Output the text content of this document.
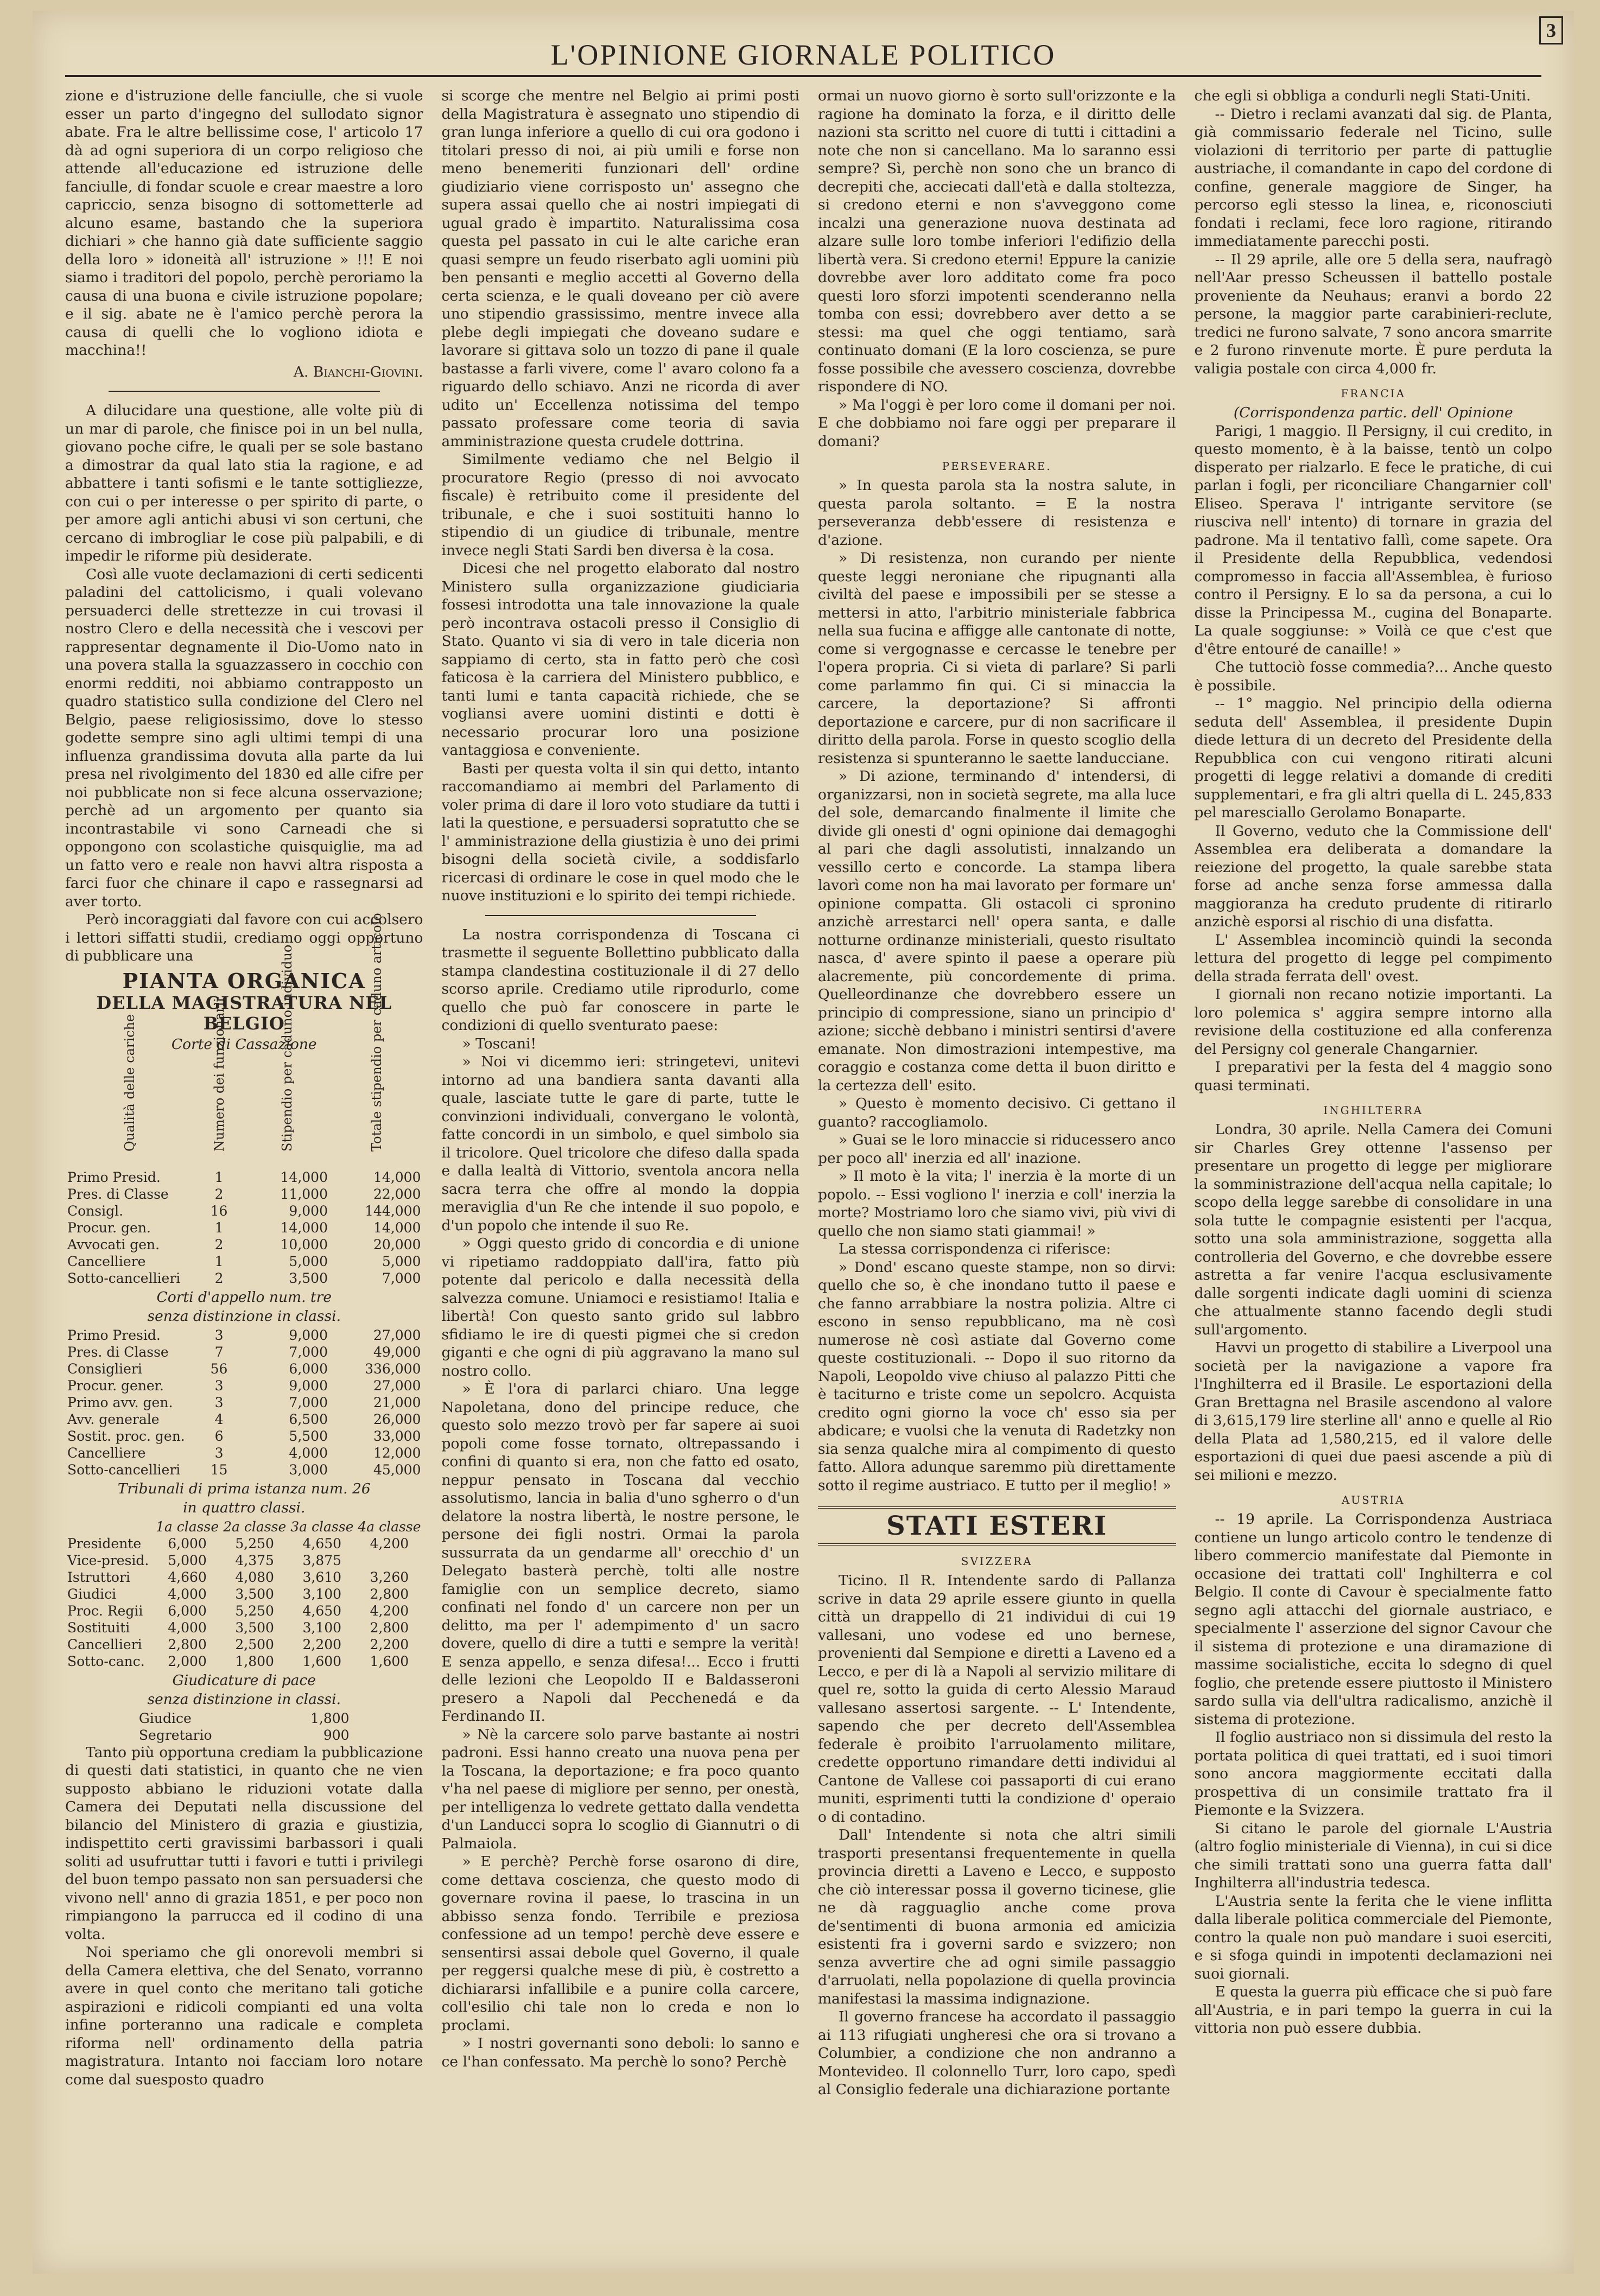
3
L'OPINIONE GIORNALE POLITICO

zione e d'istruzione delle fanciulle, che si vuole esser un parto d'ingegno del sullodato signor abate. Fra le altre bellissime cose, l' articolo 17 dà ad ogni superiora di un corpo religioso che attende all'educazione ed istruzione delle fanciulle, di fondar scuole e crear maestre a loro capriccio, senza bisogno di sottometterle ad alcuno esame, bastando che la superiora dichiari » che hanno già date sufficiente saggio della loro » idoneità all' istruzione » !!! E noi siamo i traditori del popolo, perchè peroriamo la causa di una buona e civile istruzione popolare; e il sig. abate ne è l'amico perchè perora la causa di quelli che lo vogliono idiota e macchina!!

A. Bianchi-Giovini.

A dilucidare una questione, alle volte più di un mar di parole, che finisce poi in un bel nulla, giovano poche cifre, le quali per se sole bastano a dimostrar da qual lato stia la ragione, e ad abbattere i tanti sofismi e le tante sottigliezze, con cui o per interesse o per spirito di parte, o per amore agli antichi abusi vi son certuni, che cercano di imbrogliar le cose più palpabili, e di impedir le riforme più desiderate.

Così alle vuote declamazioni di certi sedicenti paladini del cattolicismo, i quali volevano persuaderci delle strettezze in cui trovasi il nostro Clero e della necessità che i vescovi per rappresentar degnamente il Dio-Uomo nato in una povera stalla la sguazzassero in cocchio con enormi redditi, noi abbiamo contrapposto un quadro statistico sulla condizione del Clero nel Belgio, paese religiosissimo, dove lo stesso godette sempre sino agli ultimi tempi di una influenza grandissima dovuta alla parte da lui presa nel rivolgimento del 1830 ed alle cifre per noi pubblicate non si fece alcuna osservazione; perchè ad un argomento per quanto sia incontrastabile vi sono Carneadi che si oppongono con scolastiche quisquiglie, ma ad un fatto vero e reale non havvi altra risposta a farci fuor che chinare il capo e rassegnarsi ad aver torto.

Però incoraggiati dal favore con cui accolsero i lettori siffatti studii, crediamo oggi opportuno di pubblicare una

PIANTA ORGANICA
DELLA MAGISTRATURA NEL BELGIO
Corte di Cassazione
Qualità delle cariche	Numero dei funzionarii	Stipendio per caduno individuo	Totale stipendio per caduno articolo

Primo Presid.	1	14,000	14,000
Pres. di Classe	2	11,000	22,000
Consigl.	16	9,000	144,000
Procur. gen.	1	14,000	14,000
Avvocati gen.	2	10,000	20,000
Cancelliere	1	5,000	5,000
Sotto-cancellieri	2	3,500	7,000
Corti d'appello num. tre
senza distinzione in classi.
Primo Presid.	3	9,000	27,000
Pres. di Classe	7	7,000	49,000
Consiglieri	56	6,000	336,000
Procur. gener.	3	9,000	27,000
Primo avv. gen.	3	7,000	21,000
Avv. generale	4	6,500	26,000
Sostit. proc. gen.	6	5,500	33,000
Cancelliere	3	4,000	12,000
Sotto-cancellieri	15	3,000	45,000
Tribunali di prima istanza num. 26
in quattro classi.
	1a classe	2a classe	3a classe	4a classe
Presidente	6,000	5,250	4,650	4,200
Vice-presid.	5,000	4,375	3,875	
Istruttori	4,660	4,080	3,610	3,260
Giudici	4,000	3,500	3,100	2,800
Proc. Regii	6,000	5,250	4,650	4,200
Sostituiti	4,000	3,500	3,100	2,800
Cancellieri	2,800	2,500	2,200	2,200
Sotto-canc.	2,000	1,800	1,600	1,600
Giudicature di pace
senza distinzione in classi.
Giudice	1,800
Segretario	900

Tanto più opportuna crediam la pubblicazione di questi dati statistici, in quanto che ne vien supposto abbiano le riduzioni votate dalla Camera dei Deputati nella discussione del bilancio del Ministero di grazia e giustizia, indispettito certi gravissimi barbassori i quali soliti ad usufruttar tutti i favori e tutti i privilegi del buon tempo passato non san persuadersi che vivono nell' anno di grazia 1851, e per poco non rimpiangono la parrucca ed il codino di una volta.

Noi speriamo che gli onorevoli membri si della Camera elettiva, che del Senato, vorranno avere in quel conto che meritano tali gotiche aspirazioni e ridicoli compianti ed una volta infine porteranno una radicale e completa riforma nell' ordinamento della patria magistratura. Intanto noi facciam loro notare come dal suesposto quadro

si scorge che mentre nel Belgio ai primi posti della Magistratura è assegnato uno stipendio di gran lunga inferiore a quello di cui ora godono i titolari presso di noi, ai più umili e forse non meno benemeriti funzionari dell' ordine giudiziario viene corrisposto un' assegno che supera assai quello che ai nostri impiegati di ugual grado è impartito. Naturalissima cosa questa pel passato in cui le alte cariche eran quasi sempre un feudo riserbato agli uomini più ben pensanti e meglio accetti al Governo della certa scienza, e le quali doveano per ciò avere uno stipendio grassissimo, mentre invece alla plebe degli impiegati che doveano sudare e lavorare si gittava solo un tozzo di pane il quale bastasse a farli vivere, come l' avaro colono fa a riguardo dello schiavo. Anzi ne ricorda di aver udito un' Eccellenza notissima del tempo passato professare come teoria di savia amministrazione questa crudele dottrina.

Similmente vediamo che nel Belgio il procuratore Regio (presso di noi avvocato fiscale) è retribuito come il presidente del tribunale, e che i suoi sostituiti hanno lo stipendio di un giudice di tribunale, mentre invece negli Stati Sardi ben diversa è la cosa.

Dicesi che nel progetto elaborato dal nostro Ministero sulla organizzazione giudiciaria fossesi introdotta una tale innovazione la quale però incontrava ostacoli presso il Consiglio di Stato. Quanto vi sia di vero in tale diceria non sappiamo di certo, sta in fatto però che così faticosa è la carriera del Ministero pubblico, e tanti lumi e tanta capacità richiede, che se vogliansi avere uomini distinti e dotti è necessario procurar loro una posizione vantaggiosa e conveniente.

Basti per questa volta il sin qui detto, intanto raccomandiamo ai membri del Parlamento di voler prima di dare il loro voto studiare da tutti i lati la questione, e persuadersi sopratutto che se l' amministrazione della giustizia è uno dei primi bisogni della società civile, a soddisfarlo ricercasi di ordinare le cose in quel modo che le nuove instituzioni e lo spirito dei tempi richiede.

La nostra corrispondenza di Toscana ci trasmette il seguente Bollettino pubblicato dalla stampa clandestina costituzionale il di 27 dello scorso aprile. Crediamo utile riprodurlo, come quello che può far conoscere in parte le condizioni di quello sventurato paese:

» Toscani!

» Noi vi dicemmo ieri: stringetevi, unitevi intorno ad una bandiera santa davanti alla quale, lasciate tutte le gare di parte, tutte le convinzioni individuali, convergano le volontà, fatte concordi in un simbolo, e quel simbolo sia il tricolore. Quel tricolore che difeso dalla spada e dalla lealtà di Vittorio, sventola ancora nella sacra terra che offre al mondo la doppia meraviglia d'un Re che intende il suo popolo, e d'un popolo che intende il suo Re.

» Oggi questo grido di concordia e di unione vi ripetiamo raddoppiato dall'ira, fatto più potente dal pericolo e dalla necessità della salvezza comune. Uniamoci e resistiamo! Italia e libertà! Con questo santo grido sul labbro sfidiamo le ire di questi pigmei che si credon giganti e che ogni di più aggravano la mano sul nostro collo.

» È l'ora di parlarci chiaro. Una legge Napoletana, dono del principe reduce, che questo solo mezzo trovò per far sapere ai suoi popoli come fosse tornato, oltrepassando i confini di quanto si era, non che fatto ed osato, neppur pensato in Toscana dal vecchio assolutismo, lancia in balia d'uno sgherro o d'un delatore la nostra libertà, le nostre persone, le persone dei figli nostri. Ormai la parola sussurrata da un gendarme all' orecchio d' un Delegato basterà perchè, tolti alle nostre famiglie con un semplice decreto, siamo confinati nel fondo d' un carcere non per un delitto, ma per l' adempimento d' un sacro dovere, quello di dire a tutti e sempre la verità! E senza appello, e senza difesa!... Ecco i frutti delle lezioni che Leopoldo II e Baldasseroni presero a Napoli dal Pecchenedá e da Ferdinando II.

» Nè la carcere solo parve bastante ai nostri padroni. Essi hanno creato una nuova pena per la Toscana, la deportazione; e fra poco quanto v'ha nel paese di migliore per senno, per onestà, per intelligenza lo vedrete gettato dalla vendetta d'un Landucci sopra lo scoglio di Giannutri o di Palmaiola.

» E perchè? Perchè forse osarono di dire, come dettava coscienza, che questo modo di governare rovina il paese, lo trascina in un abbisso senza fondo. Terribile e preziosa confessione ad un tempo! perchè deve essere e sensentirsi assai debole quel Governo, il quale per reggersi qualche mese di più, è costretto a dichiararsi infallibile e a punire colla carcere, coll'esilio chi tale non lo creda e non lo proclami.

» I nostri governanti sono deboli: lo sanno e ce l'han confessato. Ma perchè lo sono? Perchè

ormai un nuovo giorno è sorto sull'orizzonte e la ragione ha dominato la forza, e il diritto delle nazioni sta scritto nel cuore di tutti i cittadini a note che non si cancellano. Ma lo saranno essi sempre? Sì, perchè non sono che un branco di decrepiti che, acciecati dall'età e dalla stoltezza, si credono eterni e non s'avveggono come incalzi una generazione nuova destinata ad alzare sulle loro tombe inferiori l'edifizio della libertà vera. Si credono eterni! Eppure la canizie dovrebbe aver loro additato come fra poco questi loro sforzi impotenti scenderanno nella tomba con essi; dovrebbero aver detto a se stessi: ma quel che oggi tentiamo, sarà continuato domani (E la loro coscienza, se pure fosse possibile che avessero coscienza, dovrebbe rispondere di NO.

» Ma l'oggi è per loro come il domani per noi. E che dobbiamo noi fare oggi per preparare il domani?

PERSEVERARE.

» In questa parola sta la nostra salute, in questa parola soltanto. = E la nostra perseveranza debb'essere di resistenza e d'azione.

» Di resistenza, non curando per niente queste leggi neroniane che ripugnanti alla civiltà del paese e impossibili per se stesse a mettersi in atto, l'arbitrio ministeriale fabbrica nella sua fucina e affigge alle cantonate di notte, come si vergognasse e cercasse le tenebre per l'opera propria. Ci si vieta di parlare? Si parli come parlammo fin qui. Ci si minaccia la carcere, la deportazione? Si affronti deportazione e carcere, pur di non sacrificare il diritto della parola. Forse in questo scoglio della resistenza si spunteranno le saette landucciane.

» Di azione, terminando d' intendersi, di organizzarsi, non in società segrete, ma alla luce del sole, demarcando finalmente il limite che divide gli onesti d' ogni opinione dai demagoghi al pari che dagli assolutisti, innalzando un vessillo certo e concorde. La stampa libera lavorì come non ha mai lavorato per formare un' opinione compatta. Gli ostacoli ci spronino anzichè arrestarci nell' opera santa, e dalle notturne ordinanze ministeriali, questo risultato nasca, d' avere spinto il paese a operare più alacremente, più concordemente di prima. Quelleordinanze che dovrebbero essere un principio di compressione, siano un principio d' azione; sicchè debbano i ministri sentirsi d'avere emanate. Non dimostrazioni intempestive, ma coraggio e costanza come detta il buon diritto e la certezza dell' esito.

» Questo è momento decisivo. Ci gettano il guanto? raccogliamolo.

» Guai se le loro minaccie si riducessero anco per poco all' inerzia ed all' inazione.

» Il moto è la vita; l' inerzia è la morte di un popolo. -- Essi vogliono l' inerzia e coll' inerzia la morte? Mostriamo loro che siamo vivi, più vivi di quello che non siamo stati giammai! »

La stessa corrispondenza ci riferisce:

» Dond' escano queste stampe, non so dirvi: quello che so, è che inondano tutto il paese e che fanno arrabbiare la nostra polizia. Altre ci escono in senso repubblicano, ma nè così numerose nè così astiate dal Governo come queste costituzionali. -- Dopo il suo ritorno da Napoli, Leopoldo vive chiuso al palazzo Pitti che è taciturno e triste come un sepolcro. Acquista credito ogni giorno la voce ch' esso sia per abdicare; e vuolsi che la venuta di Radetzky non sia senza qualche mira al compimento di questo fatto. Allora adunque saremmo più direttamente sotto il regime austriaco. E tutto per il meglio! »

STATI ESTERI
SVIZZERA

Ticino. Il R. Intendente sardo di Pallanza scrive in data 29 aprile essere giunto in quella città un drappello di 21 individui di cui 19 vallesani, uno vodese ed uno bernese, provenienti dal Sempione e diretti a Laveno ed a Lecco, e per di là a Napoli al servizio militare di quel re, sotto la guida di certo Alessio Maraud vallesano assertosi sargente. -- L' Intendente, sapendo che per decreto dell'Assemblea federale è proibito l'arruolamento militare, credette opportuno rimandare detti individui al Cantone de Vallese coi passaporti di cui erano muniti, esprimenti tutti la condizione d' operaio o di contadino.

Dall' Intendente si nota che altri simili trasporti presentansi frequentemente in quella provincia diretti a Laveno e Lecco, e supposto che ciò interessar possa il governo ticinese, glie ne dà ragguaglio anche come prova de'sentimenti di buona armonia ed amicizia esistenti fra i governi sardo e svizzero; non senza avvertire che ad ogni simile passaggio d'arruolati, nella popolazione di quella provincia manifestasi la massima indignazione.

Il governo francese ha accordato il passaggio ai 113 rifugiati ungheresi che ora si trovano a Columbier, a condizione che non andranno a Montevideo. Il colonnello Turr, loro capo, spedì al Consiglio federale una dichiarazione portante

che egli si obbliga a condurli negli Stati-Uniti.

-- Dietro i reclami avanzati dal sig. de Planta, già commissario federale nel Ticino, sulle violazioni di territorio per parte di pattuglie austriache, il comandante in capo del cordone di confine, generale maggiore de Singer, ha percorso egli stesso la linea, e, riconosciuti fondati i reclami, fece loro ragione, ritirando immediatamente parecchi posti.

-- Il 29 aprile, alle ore 5 della sera, naufragò nell'Aar presso Scheussen il battello postale proveniente da Neuhaus; eranvi a bordo 22 persone, la maggior parte carabinieri-reclute, tredici ne furono salvate, 7 sono ancora smarrite e 2 furono rinvenute morte. È pure perduta la valigia postale con circa 4,000 fr.

FRANCIA

(Corrispondenza partic. dell' Opinione

Parigi, 1 maggio. Il Persigny, il cui credito, in questo momento, è à la baisse, tentò un colpo disperato per rialzarlo. E fece le pratiche, di cui parlan i fogli, per riconciliare Changarnier coll' Eliseo. Sperava l' intrigante servitore (se riusciva nell' intento) di tornare in grazia del padrone. Ma il tentativo fallì, come sapete. Ora il Presidente della Repubblica, vedendosi compromesso in faccia all'Assemblea, è furioso contro il Persigny. E lo sa da persona, a cui lo disse la Principessa M., cugina del Bonaparte. La quale soggiunse: » Voilà ce que c'est que d'être entouré de canaille! »

Che tuttociò fosse commedia?... Anche questo è possibile.

-- 1° maggio. Nel principio della odierna seduta dell' Assemblea, il presidente Dupin diede lettura di un decreto del Presidente della Repubblica con cui vengono ritirati alcuni progetti di legge relativi a domande di crediti supplementari, e fra gli altri quella di L. 245,833 pel maresciallo Gerolamo Bonaparte.

Il Governo, veduto che la Commissione dell' Assemblea era deliberata a domandare la reiezione del progetto, la quale sarebbe stata forse ad anche senza forse ammessa dalla maggioranza ha creduto prudente di ritirarlo anzichè esporsi al rischio di una disfatta.

L' Assemblea incominciò quindi la seconda lettura del progetto di legge pel compimento della strada ferrata dell' ovest.

I giornali non recano notizie importanti. La loro polemica s' aggira sempre intorno alla revisione della costituzione ed alla conferenza del Persigny col generale Changarnier.

I preparativi per la festa del 4 maggio sono quasi terminati.

INGHILTERRA

Londra, 30 aprile. Nella Camera dei Comuni sir Charles Grey ottenne l'assenso per presentare un progetto di legge per migliorare la somministrazione dell'acqua nella capitale; lo scopo della legge sarebbe di consolidare in una sola tutte le compagnie esistenti per l'acqua, sotto una sola amministrazione, soggetta alla controlleria del Governo, e che dovrebbe essere astretta a far venire l'acqua esclusivamente dalle sorgenti indicate dagli uomini di scienza che attualmente stanno facendo degli studi sull'argomento.

Havvi un progetto di stabilire a Liverpool una società per la navigazione a vapore fra l'Inghilterra ed il Brasile. Le esportazioni della Gran Brettagna nel Brasile ascendono al valore di 3,615,179 lire sterline all' anno e quelle al Rio della Plata ad 1,580,215, ed il valore delle esportazioni di quei due paesi ascende a più di sei milioni e mezzo.

AUSTRIA

-- 19 aprile. La Corrispondenza Austriaca contiene un lungo articolo contro le tendenze di libero commercio manifestate dal Piemonte in occasione dei trattati coll' Inghilterra e col Belgio. Il conte di Cavour è specialmente fatto segno agli attacchi del giornale austriaco, e specialmente l' asserzione del signor Cavour che il sistema di protezione e una diramazione di massime socialistiche, eccita lo sdegno di quel foglio, che pretende essere piuttosto il Ministero sardo sulla via dell'ultra radicalismo, anzichè il sistema di protezione.

Il foglio austriaco non si dissimula del resto la portata politica di quei trattati, ed i suoi timori sono ancora maggiormente eccitati dalla prospettiva di un consimile trattato fra il Piemonte e la Svizzera.

Si citano le parole del giornale L'Austria (altro foglio ministeriale di Vienna), in cui si dice che simili trattati sono una guerra fatta dall' Inghilterra all'industria tedesca.

L'Austria sente la ferita che le viene inflitta dalla liberale politica commerciale del Piemonte, contro la quale non può mandare i suoi eserciti, e si sfoga quindi in impotenti declamazioni nei suoi giornali.

E questa la guerra più efficace che si può fare all'Austria, e in pari tempo la guerra in cui la vittoria non può essere dubbia.
